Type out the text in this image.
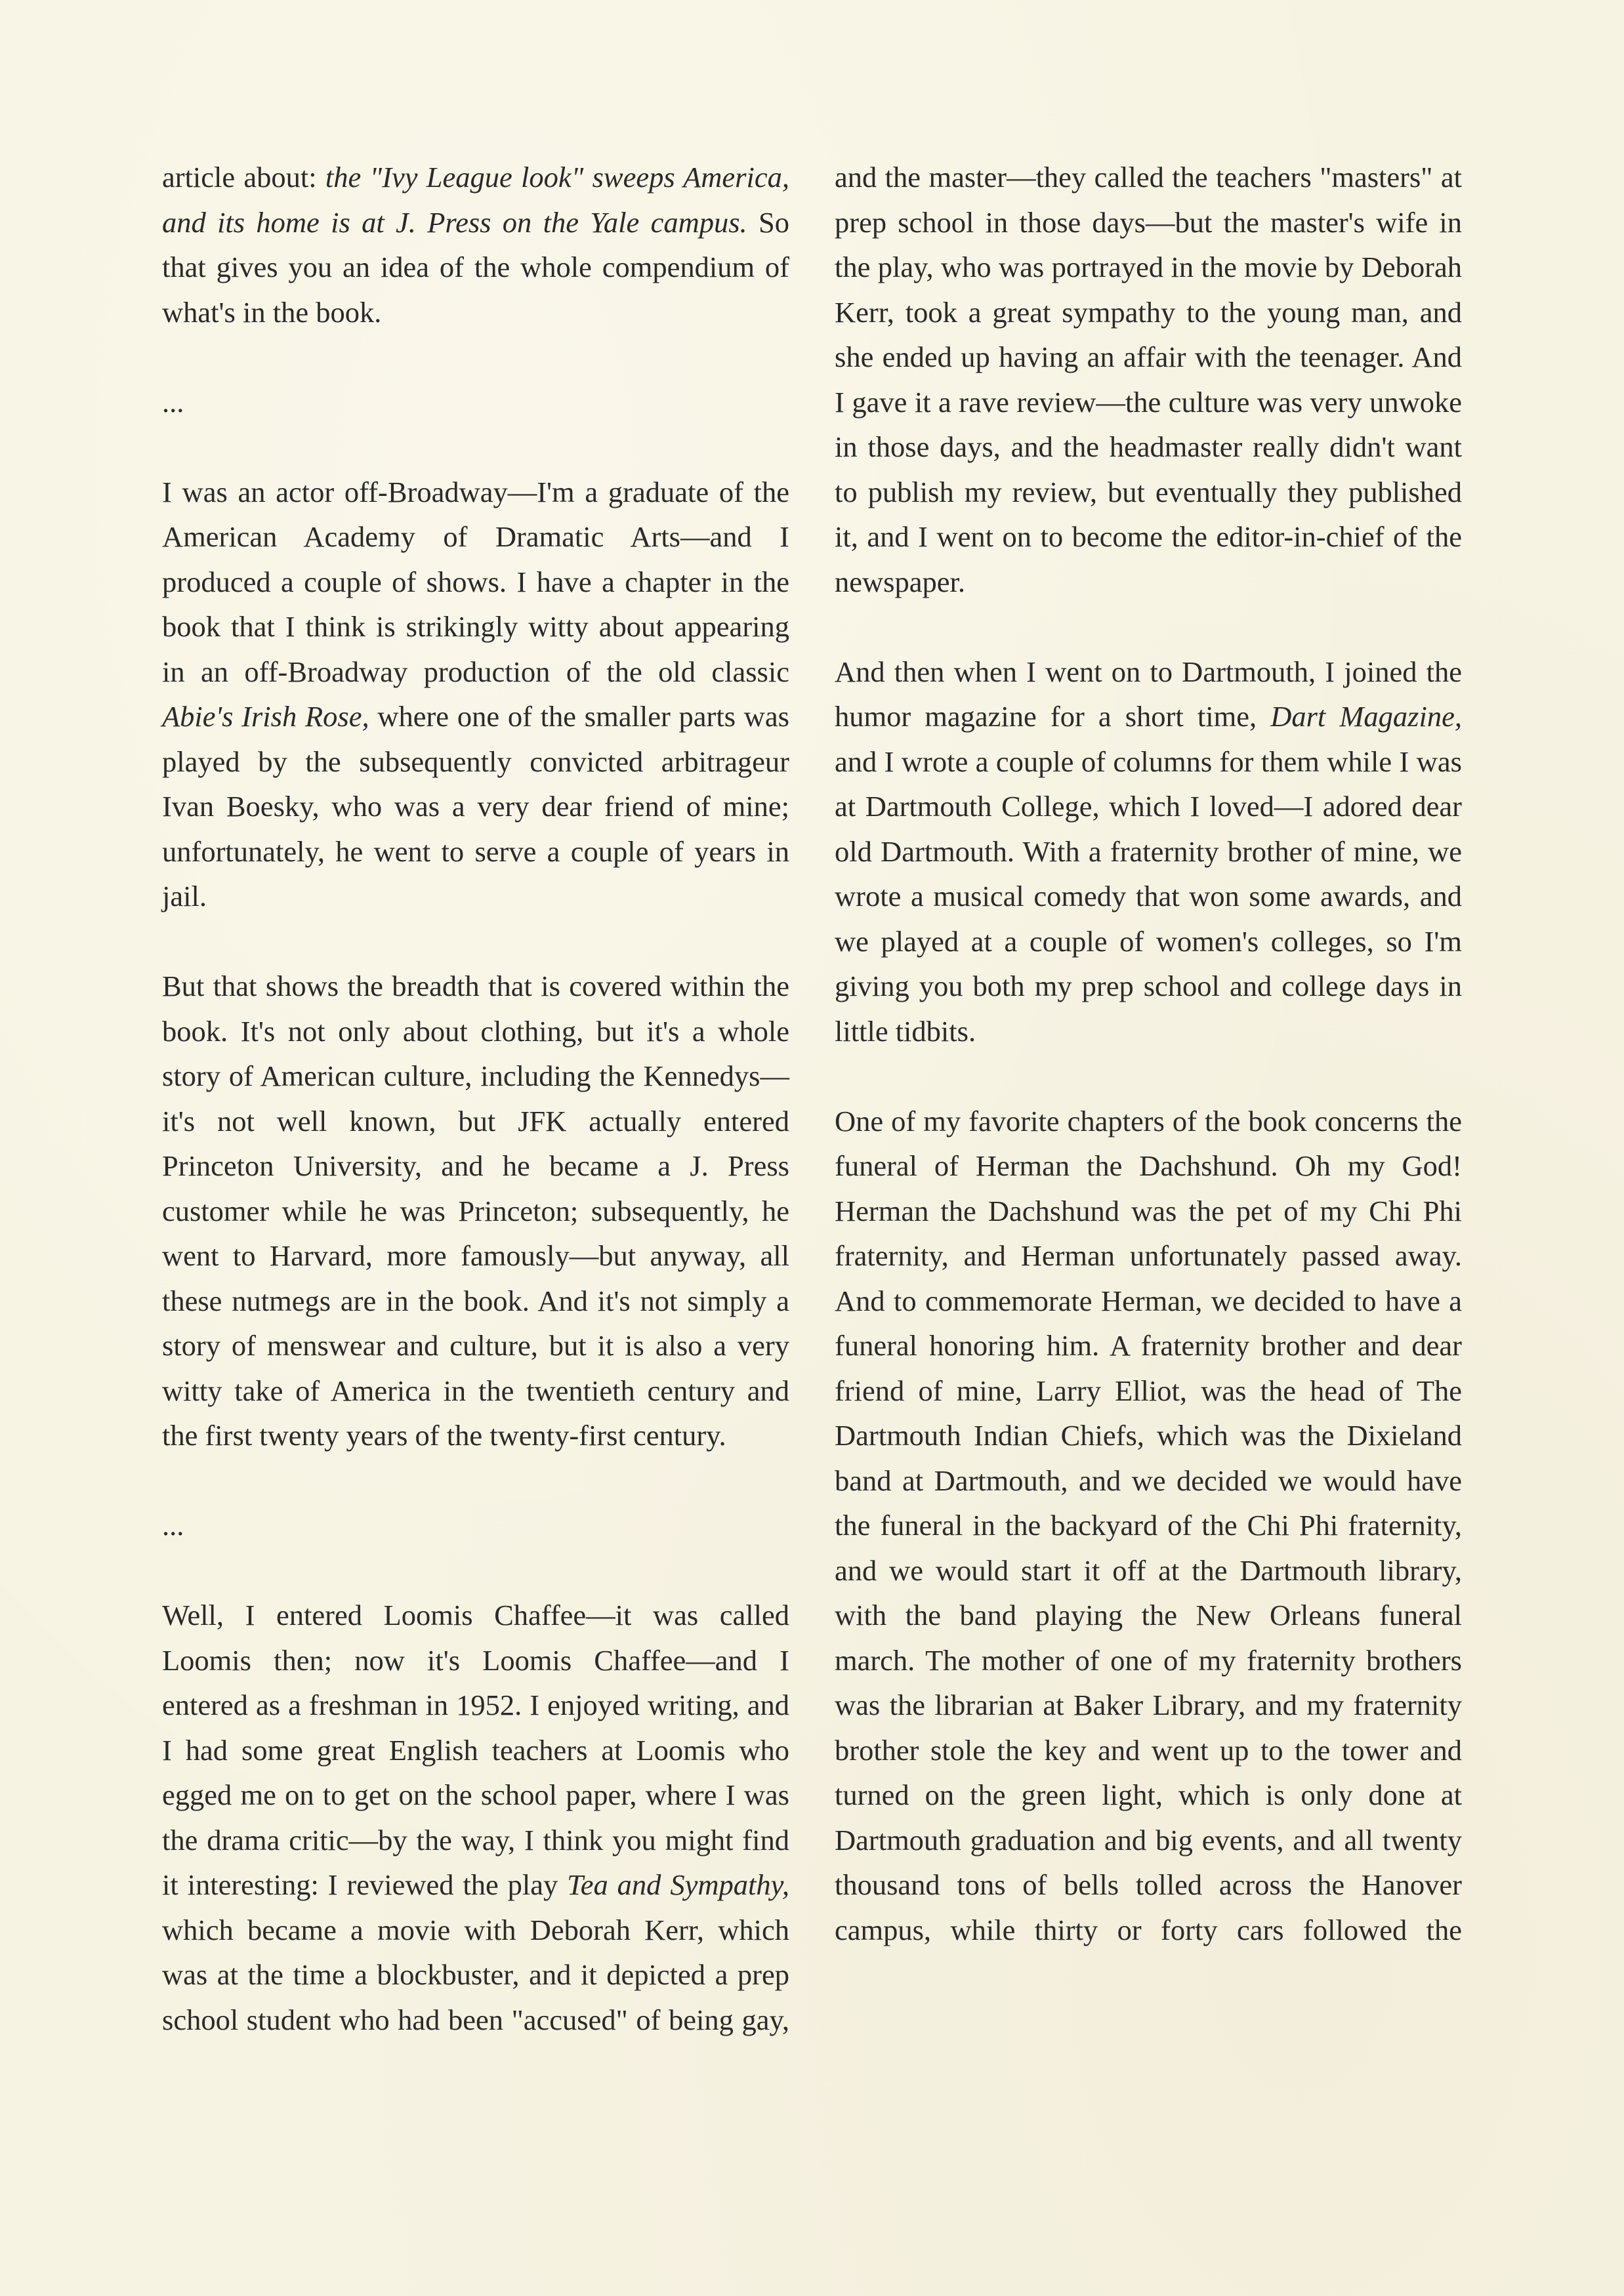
article about: the "Ivy League look" sweeps America, and its home is at J. Press on the Yale campus. So that gives you an idea of the whole compendium of what's in the book.

...

I was an actor off-Broadway—I'm a graduate of the American Academy of Dramatic Arts—and I produced a couple of shows. I have a chapter in the book that I think is strikingly witty about appearing in an off-Broadway production of the old classic Abie's Irish Rose, where one of the smaller parts was played by the subsequently convicted arbitrageur Ivan Boesky, who was a very dear friend of mine; unfortunately, he went to serve a couple of years in jail.

But that shows the breadth that is covered within the book. It's not only about clothing, but it's a whole story of American culture, including the Kennedys—it's not well known, but JFK actually entered Princeton University, and he became a J. Press customer while he was Princeton; subsequently, he went to Harvard, more famously—but anyway, all these nutmegs are in the book. And it's not simply a story of menswear and culture, but it is also a very witty take of America in the twentieth century and the first twenty years of the twenty-first century.

...

Well, I entered Loomis Chaffee—it was called Loomis then; now it's Loomis Chaffee—and I entered as a freshman in 1952. I enjoyed writing, and I had some great English teachers at Loomis who egged me on to get on the school paper, where I was the drama critic—by the way, I think you might find it interesting: I reviewed the play Tea and Sympathy, which became a movie with Deborah Kerr, which was at the time a blockbuster, and it depicted a prep school student who had been "accused" of being gay,

and the master—they called the teachers "masters" at prep school in those days—but the master's wife in the play, who was portrayed in the movie by Deborah Kerr, took a great sympathy to the young man, and she ended up having an affair with the teenager. And I gave it a rave review—the culture was very unwoke in those days, and the headmaster really didn't want to publish my review, but eventually they published it, and I went on to become the editor-in-chief of the newspaper.

And then when I went on to Dartmouth, I joined the humor magazine for a short time, Dart Magazine, and I wrote a couple of columns for them while I was at Dartmouth College, which I loved—I adored dear old Dartmouth. With a fraternity brother of mine, we wrote a musical comedy that won some awards, and we played at a couple of women's colleges, so I'm giving you both my prep school and college days in little tidbits.

One of my favorite chapters of the book concerns the funeral of Herman the Dachshund. Oh my God! Herman the Dachshund was the pet of my Chi Phi fraternity, and Herman unfortunately passed away. And to commemorate Herman, we decided to have a funeral honoring him. A fraternity brother and dear friend of mine, Larry Elliot, was the head of The Dartmouth Indian Chiefs, which was the Dixieland band at Dartmouth, and we decided we would have the funeral in the backyard of the Chi Phi fraternity, and we would start it off at the Dartmouth library, with the band playing the New Orleans funeral march. The mother of one of my fraternity brothers was the librarian at Baker Library, and my fraternity brother stole the key and went up to the tower and turned on the green light, which is only done at Dartmouth graduation and big events, and all twenty thousand tons of bells tolled across the Hanover campus, while thirty or forty cars followed the
